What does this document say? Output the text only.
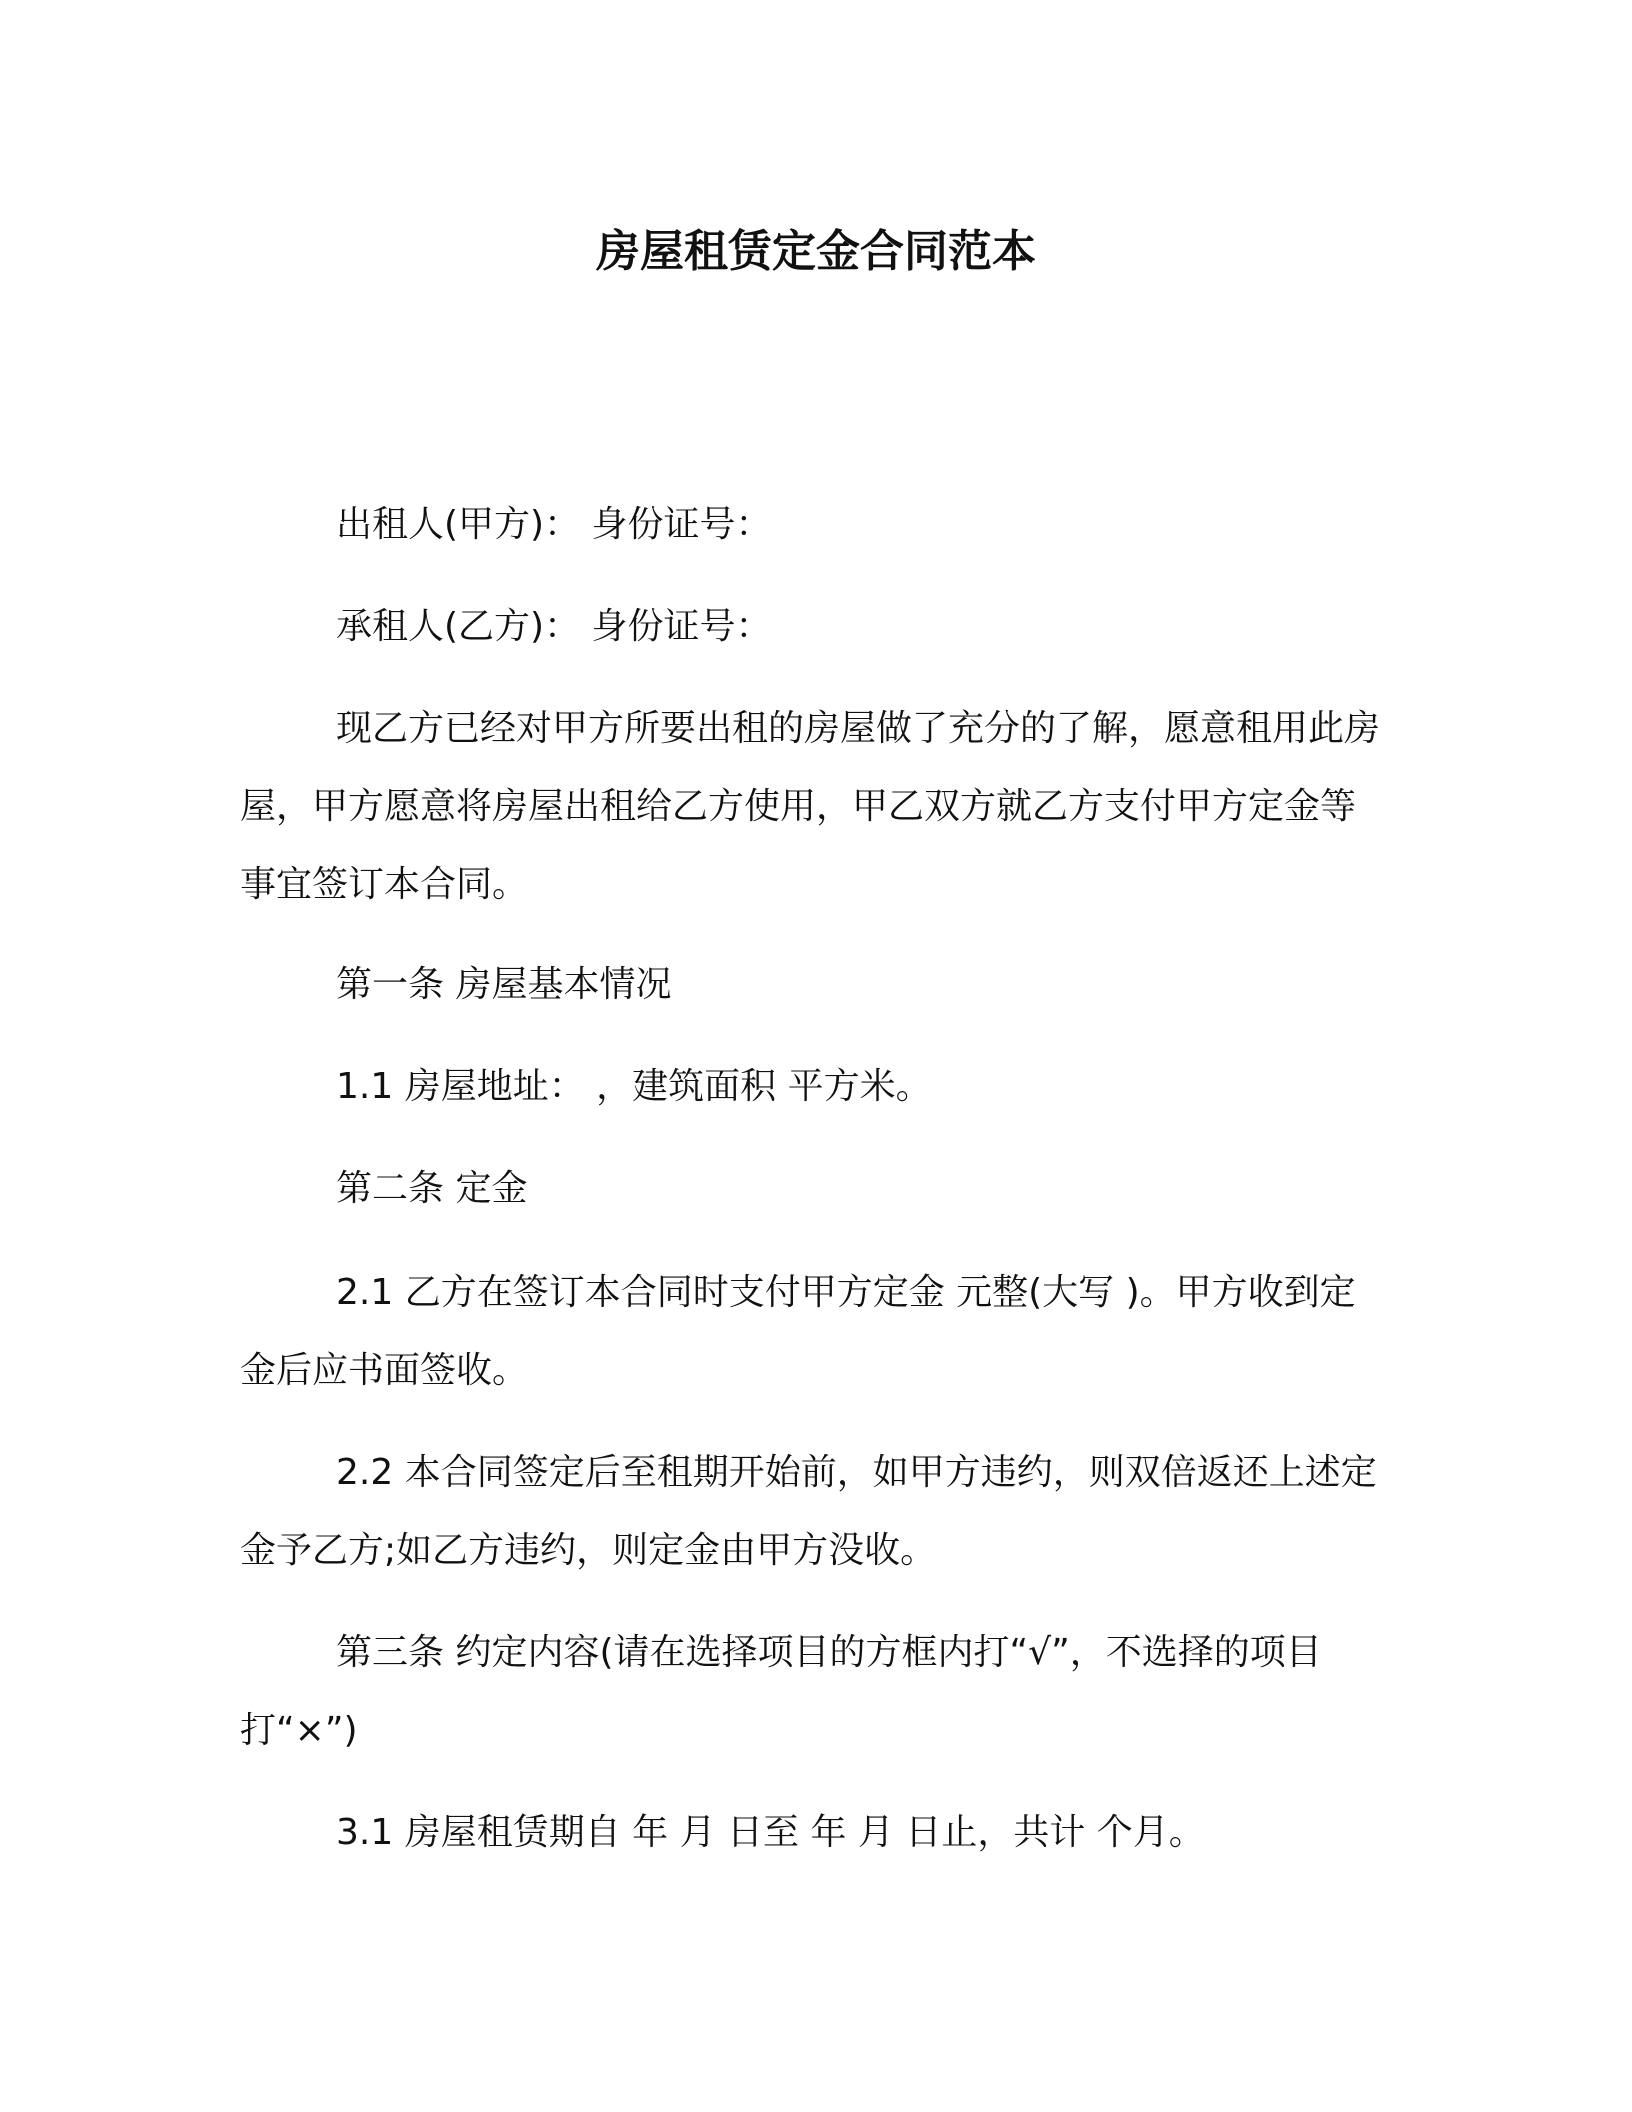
房屋租赁定金合同范本

出租人(甲方)： 身份证号：

承租人(乙方)： 身份证号：

现乙方已经对甲方所要出租的房屋做了充分的了解，愿意租用此房屋，甲方愿意将房屋出租给乙方使用，甲乙双方就乙方支付甲方定金等事宜签订本合同。

第一条 房屋基本情况

1.1 房屋地址： ，建筑面积 平方米。

第二条 定金

2.1 乙方在签订本合同时支付甲方定金 元整(大写 )。甲方收到定金后应书面签收。

2.2 本合同签定后至租期开始前，如甲方违约，则双倍返还上述定金予乙方;如乙方违约，则定金由甲方没收。

第三条 约定内容(请在选择项目的方框内打“√”，不选择的项目打“×”)

3.1 房屋租赁期自 年 月 日至 年 月 日止，共计 个月。
